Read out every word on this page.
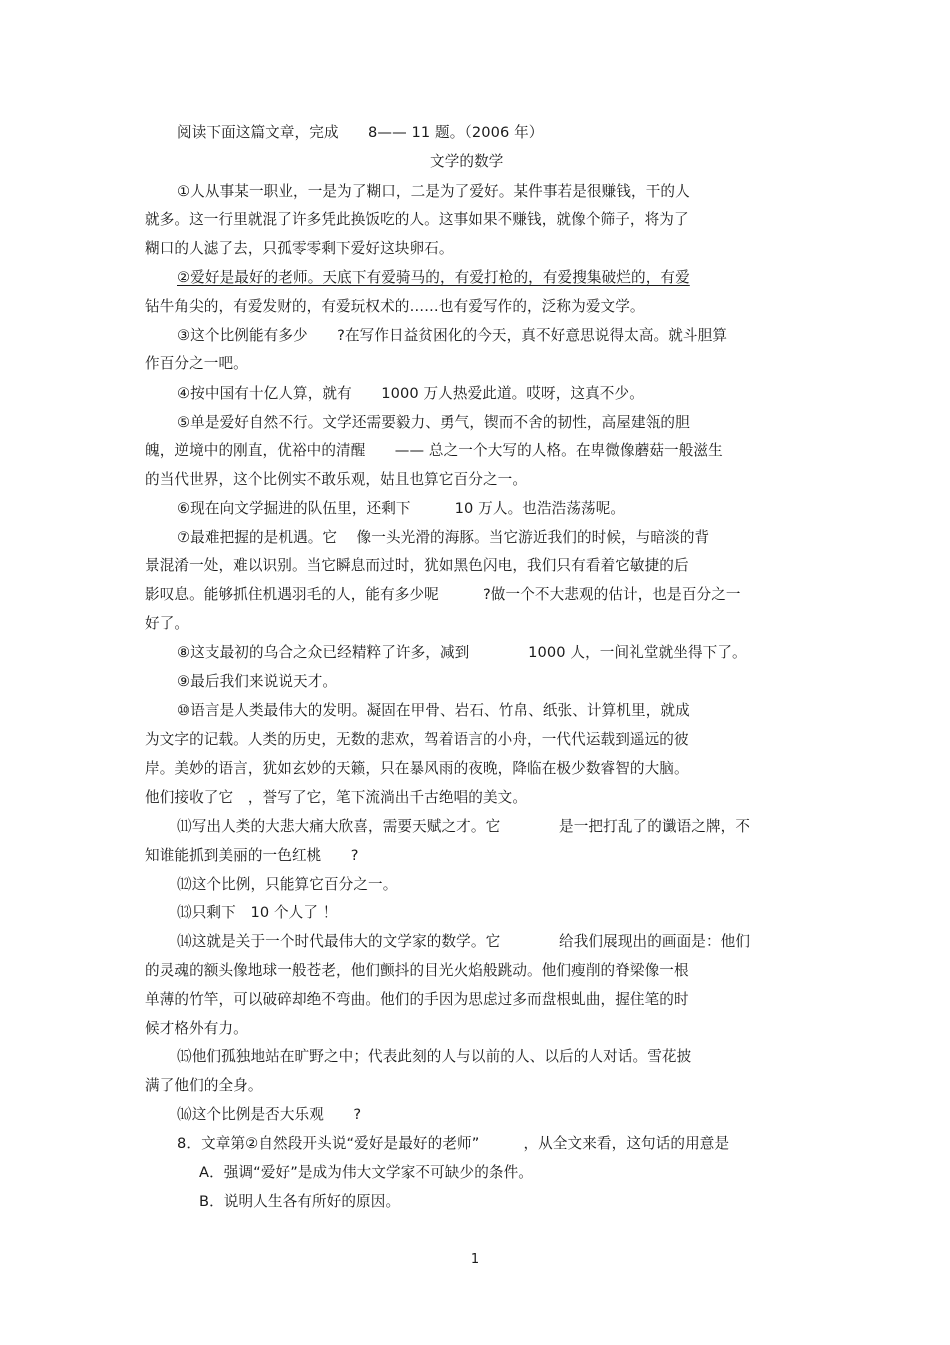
阅读下面这篇文章，完成　　8—— 11 题。（2006 年）
文学的数学
①人从事某一职业，一是为了糊口，二是为了爱好。某件事若是很赚钱，干的人
就多。这一行里就混了许多凭此换饭吃的人。这事如果不赚钱，就像个筛子，将为了
糊口的人滤了去，只孤零零剩下爱好这块卵石。
②爱好是最好的老师。天底下有爱骑马的，有爱打枪的，有爱搜集破烂的，有爱
钻牛角尖的，有爱发财的，有爱玩权术的……也有爱写作的，泛称为爱文学。
③这个比例能有多少　　?在写作日益贫困化的今天，真不好意思说得太高。就斗胆算
作百分之一吧。
④按中国有十亿人算，就有　　1000 万人热爱此道。哎呀，这真不少。
⑤单是爱好自然不行。文学还需要毅力、勇气，锲而不舍的韧性，高屋建瓴的胆
魄，逆境中的刚直，优裕中的清醒　　—— 总之一个大写的人格。在卑微像蘑菇一般滋生
的当代世界，这个比例实不敢乐观，姑且也算它百分之一。
⑥现在向文学掘进的队伍里，还剩下　　　10 万人。也浩浩荡荡呢。
⑦最难把握的是机遇。它　 像一头光滑的海豚。当它游近我们的时候，与暗淡的背
景混淆一处，难以识别。当它瞬息而过时，犹如黑色闪电，我们只有看着它敏捷的后
影叹息。能够抓住机遇羽毛的人，能有多少呢　　　?做一个不大悲观的估计，也是百分之一
好了。
⑧这支最初的乌合之众已经精粹了许多，减到　　　　1000 人，一间礼堂就坐得下了。
⑨最后我们来说说天才。
⑩语言是人类最伟大的发明。凝固在甲骨、岩石、竹帛、纸张、计算机里，就成
为文字的记载。人类的历史，无数的悲欢，驾着语言的小舟，一代代运载到遥远的彼
岸。美妙的语言，犹如玄妙的天籁，只在暴风雨的夜晚，降临在极少数睿智的大脑。
他们接收了它　，誉写了它，笔下流淌出千古绝唱的美文。
⑾写出人类的大悲大痛大欣喜，需要天赋之才。它　　　　是一把打乱了的谶语之牌，不
知谁能抓到美丽的一色红桃　　?
⑿这个比例，只能算它百分之一。
⒀只剩下　10 个人了 ！
⒁这就是关于一个时代最伟大的文学家的数学。它　　　　给我们展现出的画面是：他们
的灵魂的额头像地球一般苍老，他们颤抖的目光火焰般跳动。他们瘦削的脊梁像一根
单薄的竹竿，可以破碎却绝不弯曲。他们的手因为思虑过多而盘根虬曲，握住笔的时
候才格外有力。
⒂他们孤独地站在旷野之中；代表此刻的人与以前的人、以后的人对话。雪花披
满了他们的全身。
⒃这个比例是否大乐观　　?
8．文章第②自然段开头说“爱好是最好的老师”　　　，从全文来看，这句话的用意是
A．强调“爱好”是成为伟大文学家不可缺少的条件。
B．说明人生各有所好的原因。
1
